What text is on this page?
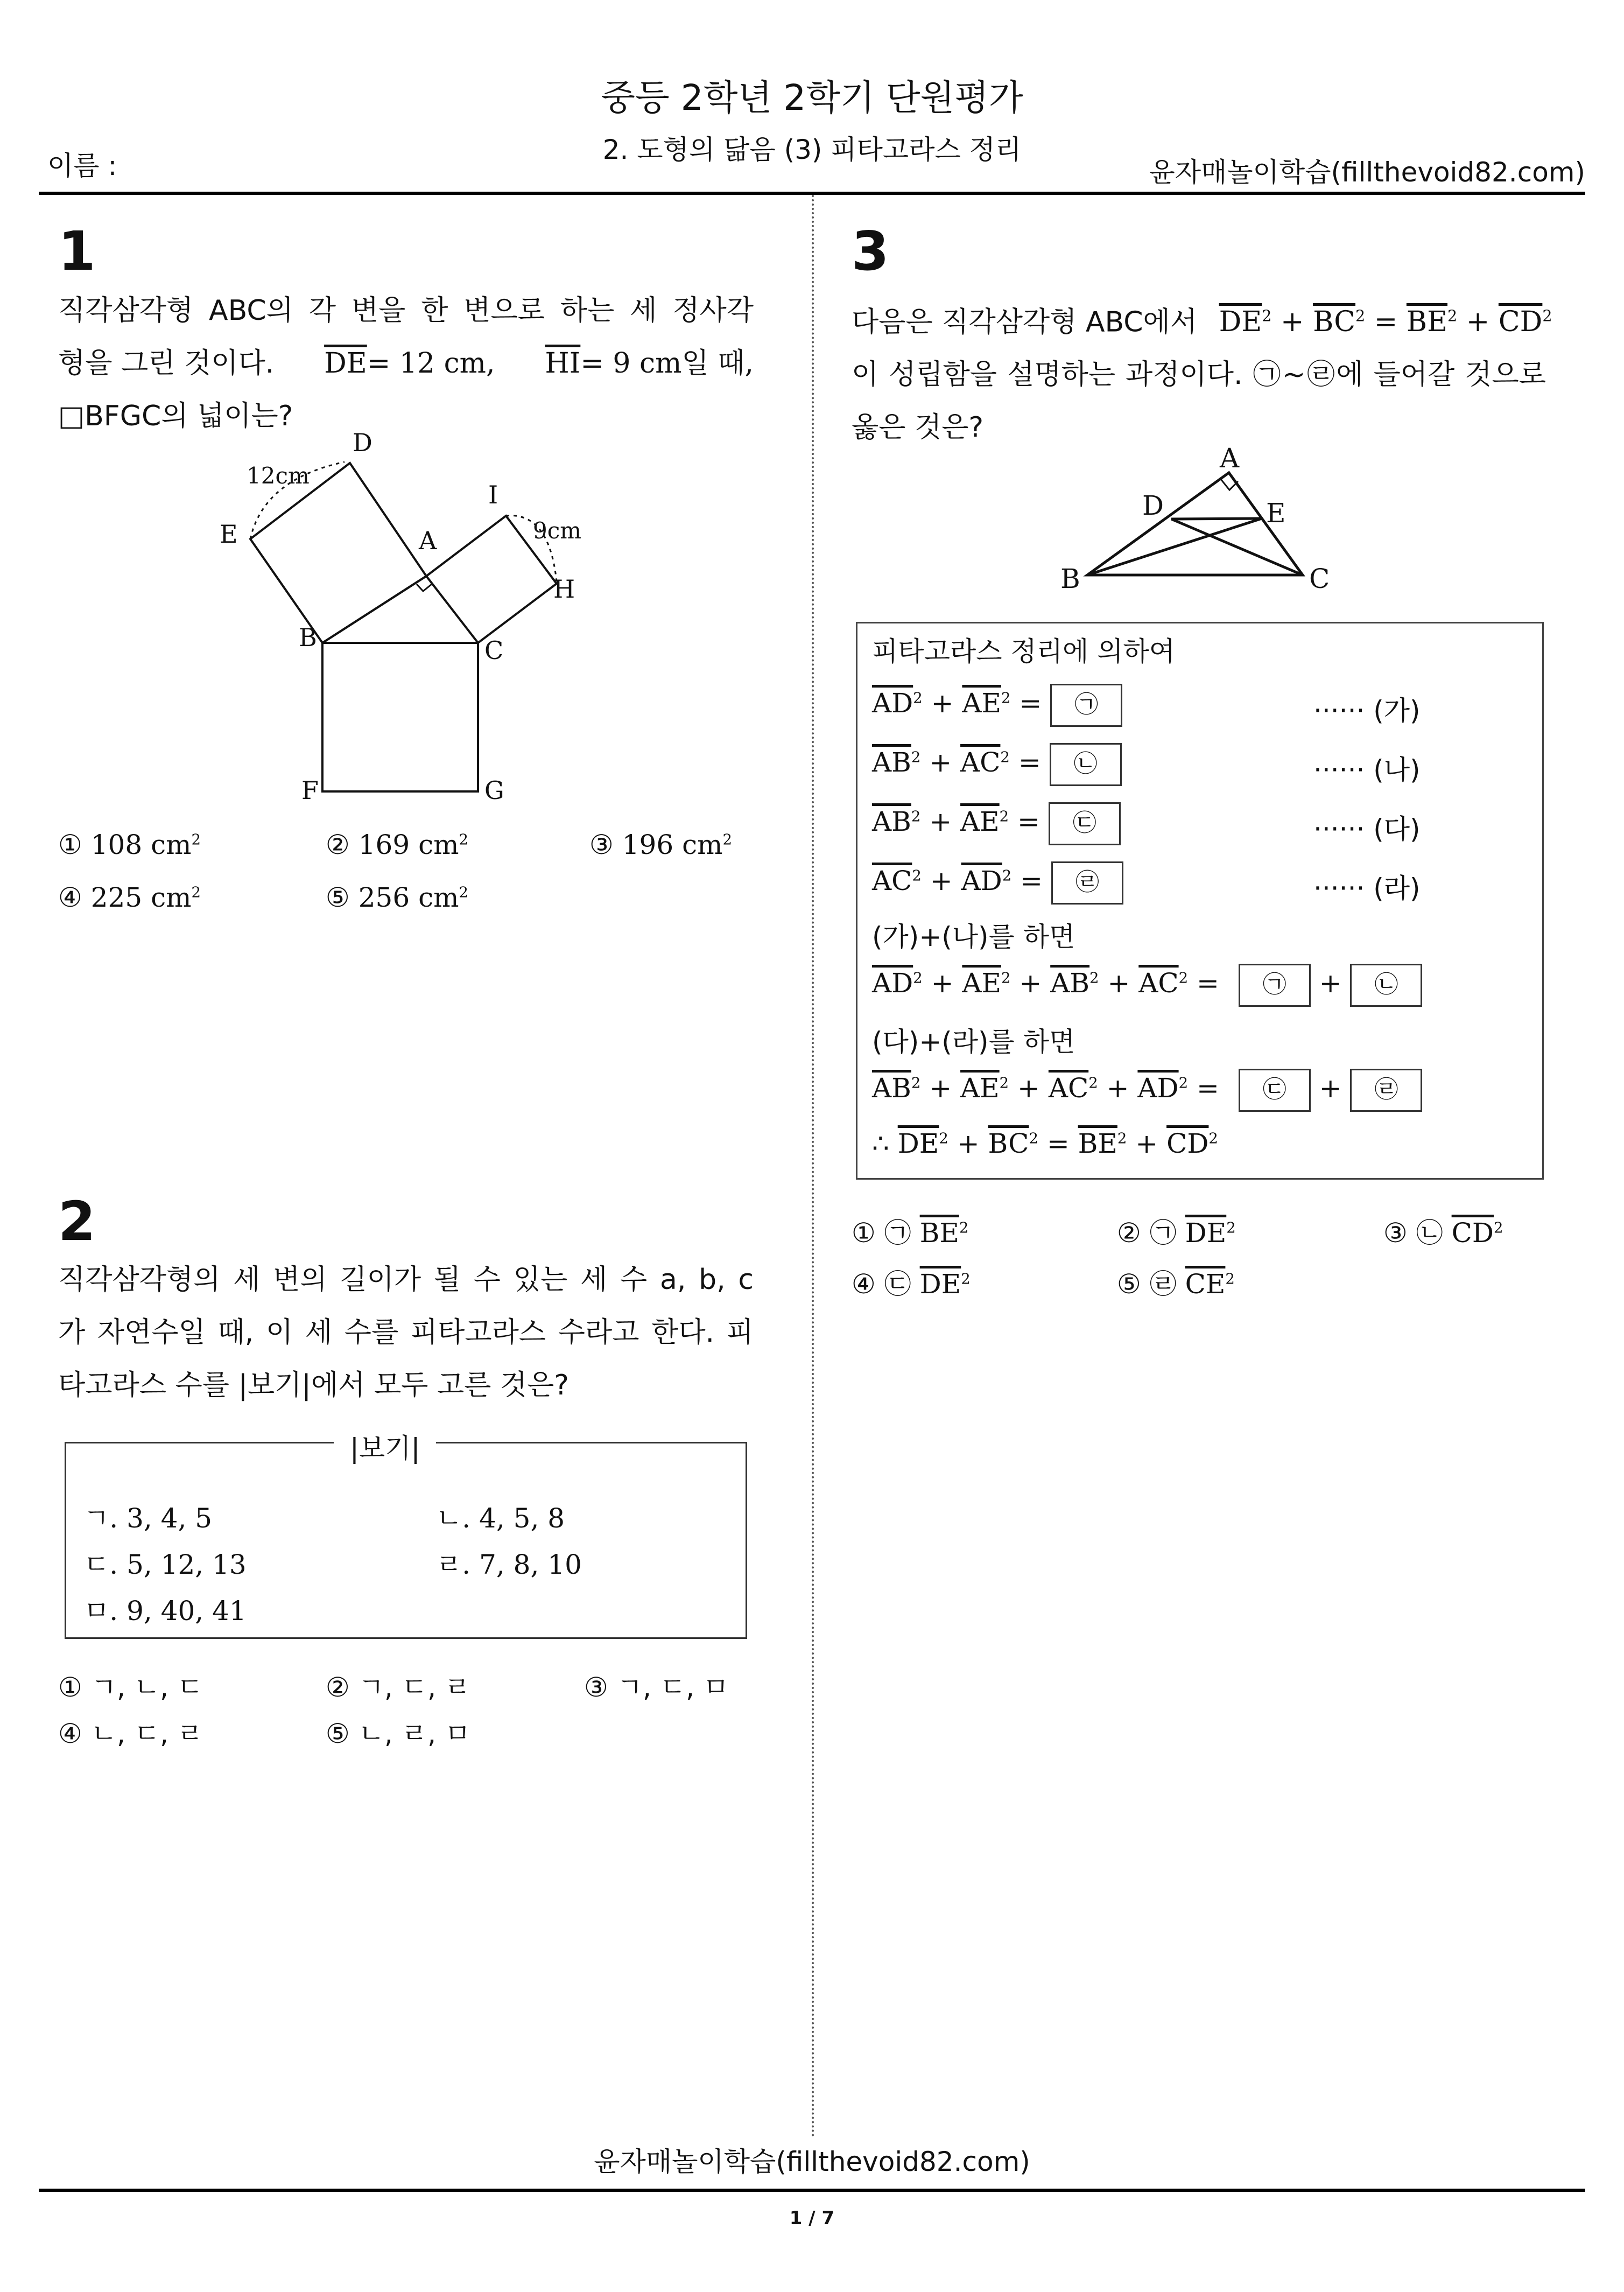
중등 2학년 2학기 단원평가
2. 도형의 닮음 (3) 피타고라스 정리
이름 :	윤자매놀이학습(fillthevoid82.com)
1
직각삼각형 ABC의 각 변을 한 변으로 하는 세 정사각
형을 그린 것이다. $\overline{DE}= 12$ cm, $\overline{HI}= 9$ cm일 때,
□BFGC의 넓이는?
D
E	A
I
H
B	C
F	G
12cm
9cm
① 108 $cm^2$	② 169 $cm^2$	③ 196 $cm^2$
④ 225 $cm^2$	⑤ 256 $cm^2$
2
직각삼각형의 세 변의 길이가 될 수 있는 세 수 a, b, c
가 자연수일 때, 이 세 수를 피타고라스 수라고 한다. 피
타고라스 수를 |보기|에서 모두 고른 것은?
|보기|
ㄱ. 3, 4, 5	ㄴ. 4, 5, 8
ㄷ. 5, 12, 13	ㄹ. 7, 8, 10
ㅁ. 9, 40, 41
① ㄱ, ㄴ, ㄷ	② ㄱ, ㄷ, ㄹ	③ ㄱ, ㄷ, ㅁ
④ ㄴ, ㄷ, ㄹ	⑤ ㄴ, ㄹ, ㅁ
3
다음은 직각삼각형 ABC에서 $\overline{DE}^2 + \overline{BC}^2 = \overline{BE}^2 + \overline{CD}^2$
이 성립함을 설명하는 과정이다. ㉠~㉣에 들어갈 것으로
옳은 것은?
A
D	E
B	C
피타고라스 정리에 의하여
$\overline{AD}^2 + \overline{AE}^2$ = ㉠	······ (가)
$\overline{AB}^2 + \overline{AC}^2$ = ㉡	······ (나)
$\overline{AB}^2 + \overline{AE}^2$ = ㉢	······ (다)
$\overline{AC}^2 + \overline{AD}^2$ = ㉣	······ (라)
(가)+(나)를 하면
$\overline{AD}^2 + \overline{AE}^2 + \overline{AB}^2 + \overline{AC}^2$ = ㉠ + ㉡
(다)+(라)를 하면
$\overline{AB}^2 + \overline{AE}^2 + \overline{AC}^2 + \overline{AD}^2$ = ㉢ + ㉣
∴ $\overline{DE}^2 + \overline{BC}^2 = \overline{BE}^2 + \overline{CD}^2$
① ㉠ $\overline{BE}^2$	② ㉠ $\overline{DE}^2$	③ ㉡ $\overline{CD}^2$
④ ㉢ $\overline{DE}^2$	⑤ ㉣ $\overline{CE}^2$
윤자매놀이학습(fillthevoid82.com)
1 / 7
